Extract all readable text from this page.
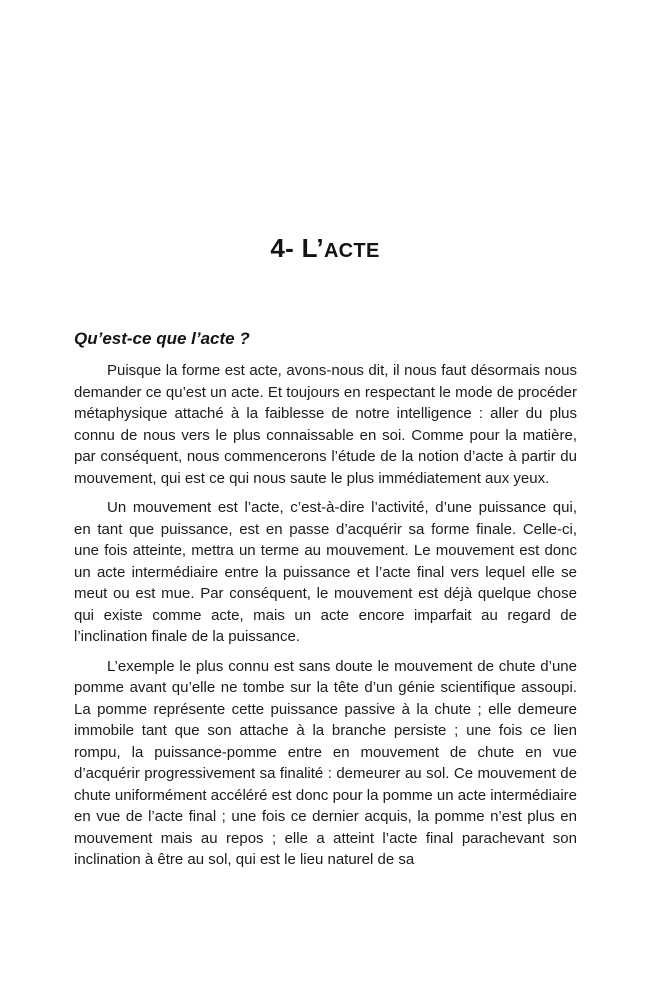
4- L’ACTE
Qu’est-ce que l’acte ?

Puisque la forme est acte, avons-nous dit, il nous faut désormais nous demander ce qu’est un acte. Et toujours en respectant le mode de procéder métaphysique attaché à la faiblesse de notre intelligence : aller du plus connu de nous vers le plus connaissable en soi. Comme pour la matière, par conséquent, nous commencerons l’étude de la notion d’acte à partir du mouvement, qui est ce qui nous saute le plus immédiatement aux yeux.

Un mouvement est l’acte, c’est-à-dire l’activité, d’une puissance qui, en tant que puissance, est en passe d’acquérir sa forme finale. Celle-ci, une fois atteinte, mettra un terme au mouvement. Le mouvement est donc un acte intermédiaire entre la puissance et l’acte final vers lequel elle se meut ou est mue. Par conséquent, le mouvement est déjà quelque chose qui existe comme acte, mais un acte encore imparfait au regard de l’inclination finale de la puissance.

L’exemple le plus connu est sans doute le mouvement de chute d’une pomme avant qu’elle ne tombe sur la tête d’un génie scientifique assoupi. La pomme représente cette puissance passive à la chute ; elle demeure immobile tant que son attache à la branche persiste ; une fois ce lien rompu, la puissance-pomme entre en mouvement de chute en vue d’acquérir progressivement sa finalité : demeurer au sol. Ce mouvement de chute uniformément accéléré est donc pour la pomme un acte intermédiaire en vue de l’acte final ; une fois ce dernier acquis, la pomme n’est plus en mouvement mais au repos ; elle a atteint l’acte final parachevant son inclination à être au sol, qui est le lieu naturel de sa
